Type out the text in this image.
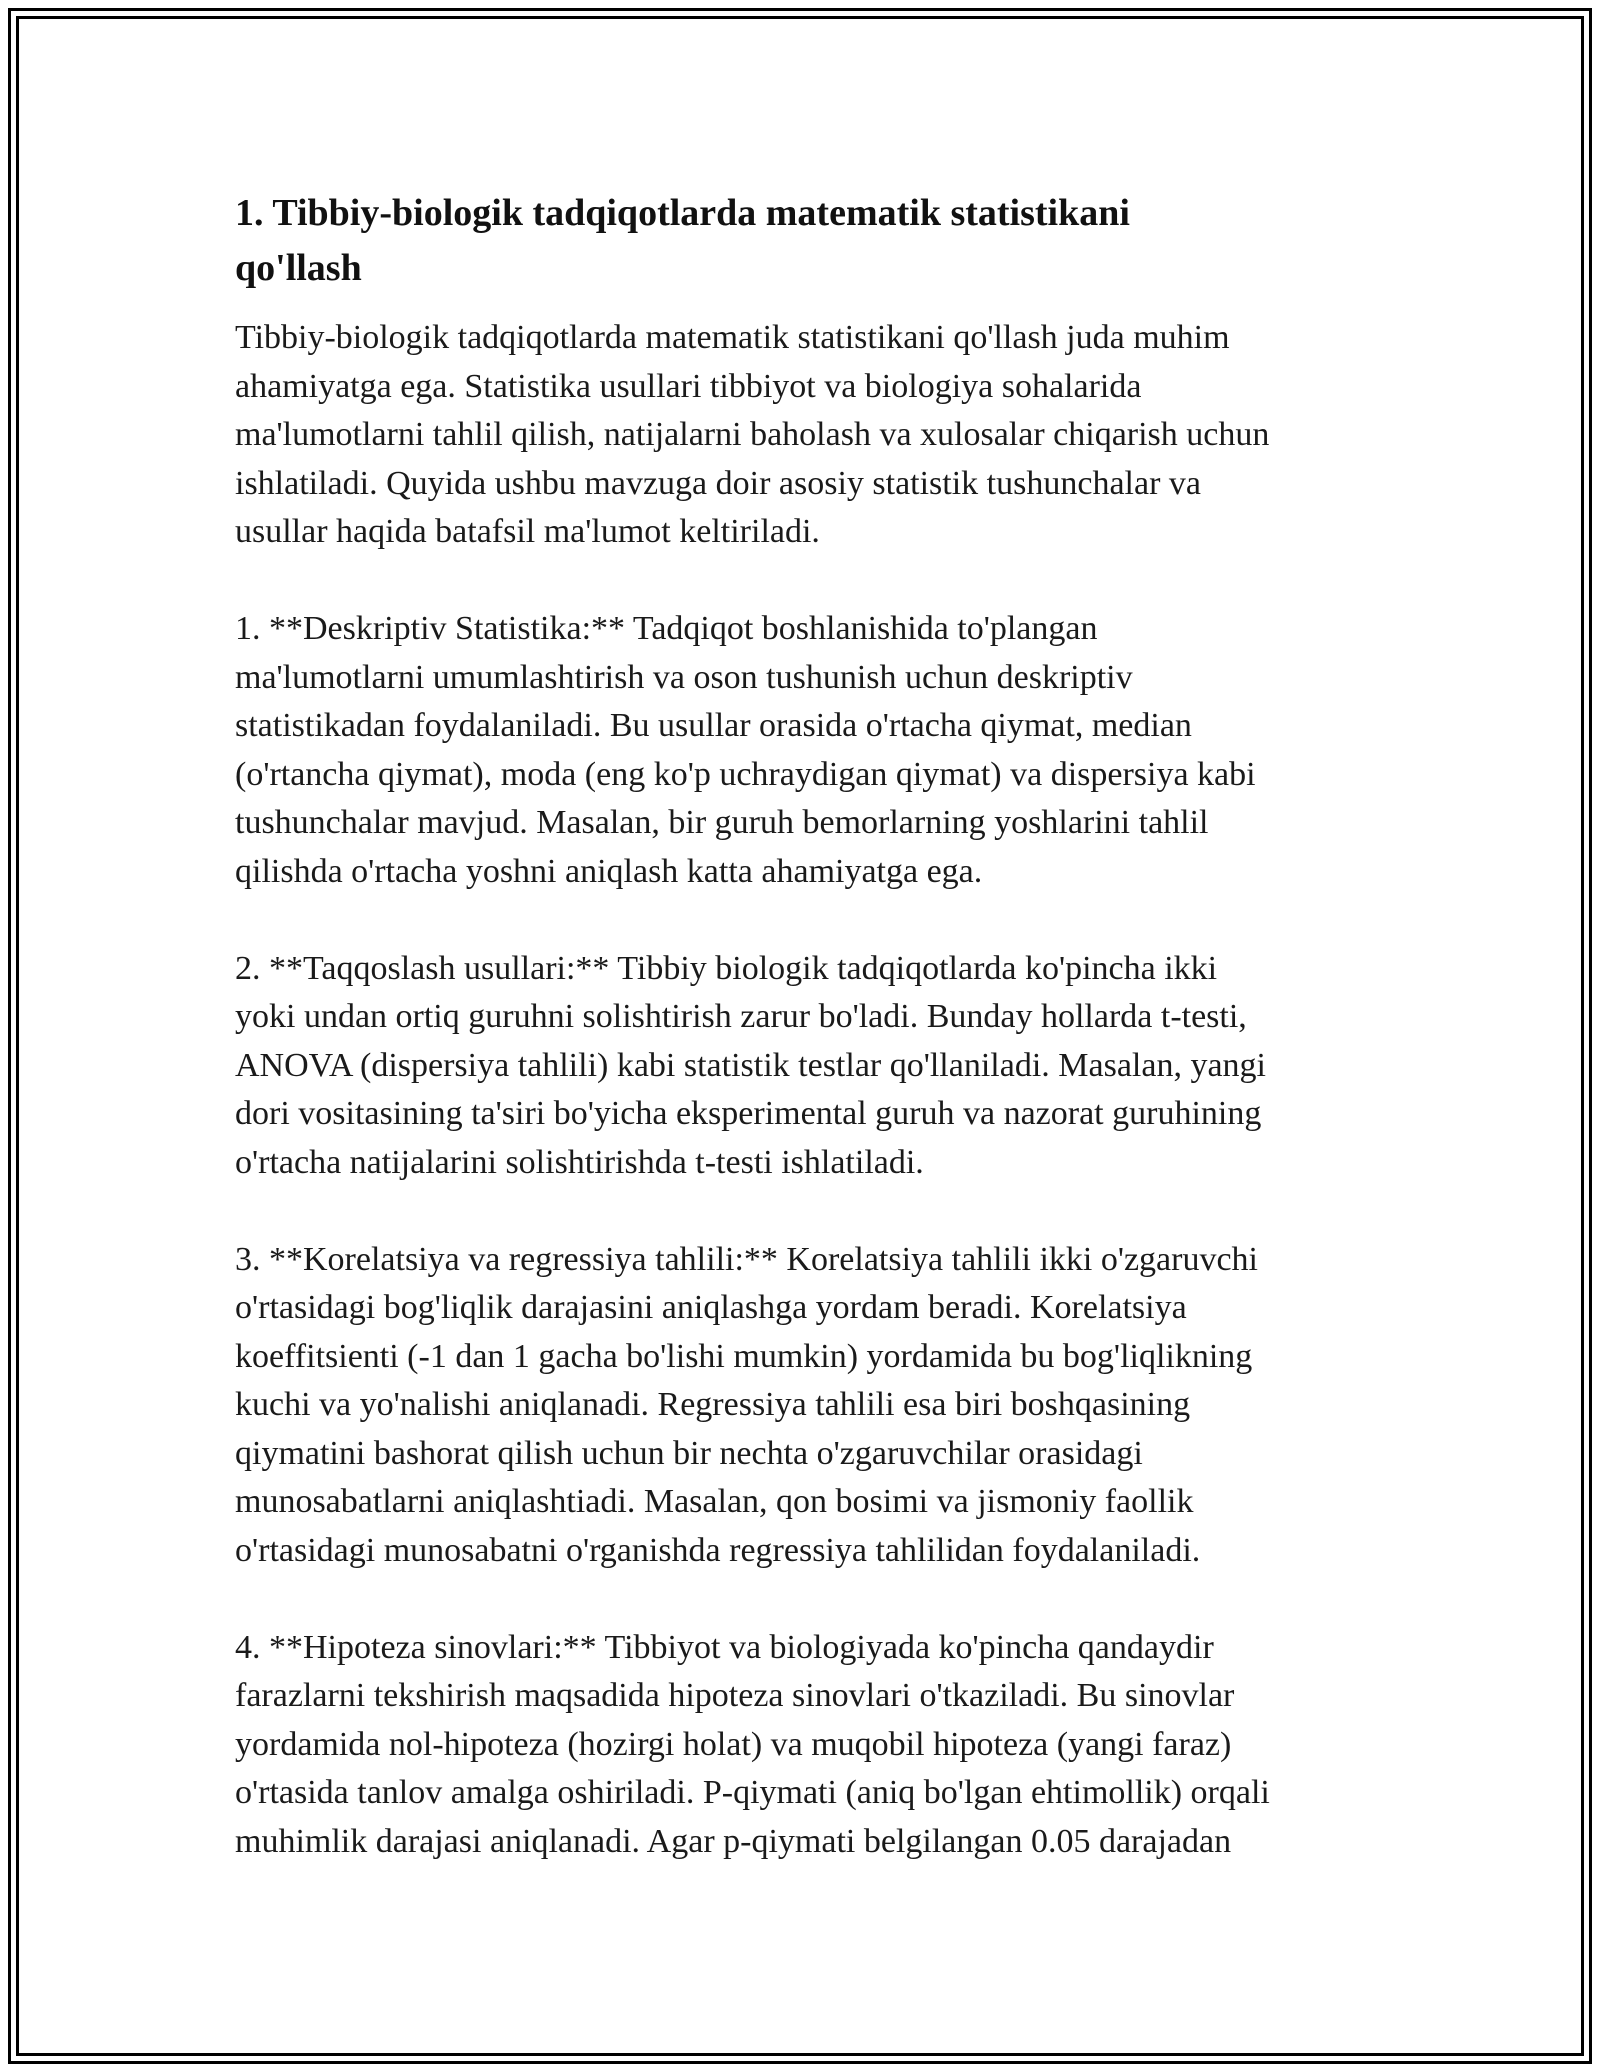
1. Tibbiy-biologik tadqiqotlarda matematik statistikani
qo'llash

Tibbiy-biologik tadqiqotlarda matematik statistikani qo'llash juda muhim
ahamiyatga ega. Statistika usullari tibbiyot va biologiya sohalarida
ma'lumotlarni tahlil qilish, natijalarni baholash va xulosalar chiqarish uchun
ishlatiladi. Quyida ushbu mavzuga doir asosiy statistik tushunchalar va
usullar haqida batafsil ma'lumot keltiriladi.

1. **Deskriptiv Statistika:** Tadqiqot boshlanishida to'plangan
ma'lumotlarni umumlashtirish va oson tushunish uchun deskriptiv
statistikadan foydalaniladi. Bu usullar orasida o'rtacha qiymat, median
(o'rtancha qiymat), moda (eng ko'p uchraydigan qiymat) va dispersiya kabi
tushunchalar mavjud. Masalan, bir guruh bemorlarning yoshlarini tahlil
qilishda o'rtacha yoshni aniqlash katta ahamiyatga ega.

2. **Taqqoslash usullari:** Tibbiy biologik tadqiqotlarda ko'pincha ikki
yoki undan ortiq guruhni solishtirish zarur bo'ladi. Bunday hollarda t-testi,
ANOVA (dispersiya tahlili) kabi statistik testlar qo'llaniladi. Masalan, yangi
dori vositasining ta'siri bo'yicha eksperimental guruh va nazorat guruhining
o'rtacha natijalarini solishtirishda t-testi ishlatiladi.

3. **Korelatsiya va regressiya tahlili:** Korelatsiya tahlili ikki o'zgaruvchi
o'rtasidagi bog'liqlik darajasini aniqlashga yordam beradi. Korelatsiya
koeffitsienti (-1 dan 1 gacha bo'lishi mumkin) yordamida bu bog'liqlikning
kuchi va yo'nalishi aniqlanadi. Regressiya tahlili esa biri boshqasining
qiymatini bashorat qilish uchun bir nechta o'zgaruvchilar orasidagi
munosabatlarni aniqlashtiadi. Masalan, qon bosimi va jismoniy faollik
o'rtasidagi munosabatni o'rganishda regressiya tahlilidan foydalaniladi.

4. **Hipoteza sinovlari:** Tibbiyot va biologiyada ko'pincha qandaydir
farazlarni tekshirish maqsadida hipoteza sinovlari o'tkaziladi. Bu sinovlar
yordamida nol-hipoteza (hozirgi holat) va muqobil hipoteza (yangi faraz)
o'rtasida tanlov amalga oshiriladi. P-qiymati (aniq bo'lgan ehtimollik) orqali
muhimlik darajasi aniqlanadi. Agar p-qiymati belgilangan 0.05 darajadan
